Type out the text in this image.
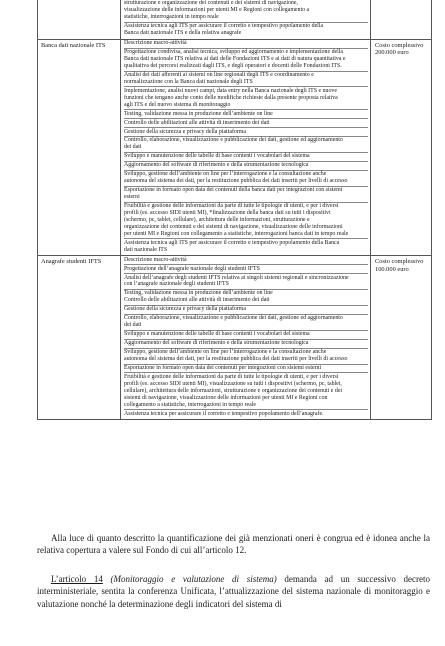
strutturazione e organizzazione dei contenuti e dei sistemi di navigazione,
visualizzazione delle informazioni per utenti MI e Regioni con collegamento a
statistiche, interrogazioni in tempo reale
Assistenza tecnica agli ITS per assicurare il corretto e tempestivo popolamento della
Banca dati nazionale ITS e della relativa anagrafe
Banca dati nazionale ITS	Costo complessivo 200.000 euro
Descrizione macro-attività
Progettazione condivisa, analisi tecnica, sviluppo ed aggiornamento e implementazione della
Banca dati nazionale ITS relativa ai dati delle Fondazioni ITS e ai dati di natura quantitativa e
qualitativa dei percorsi realizzati dagli ITS, e degli operatori e docenti delle Fondazioni ITS.
Analisi dei dati afferenti ai sistemi on line regionali degli ITS e coordinamento e
normalizzazione con la Banca dati nazionale degli ITS
Implementazione, analisi nuovi campi, data entry nella Banca nazionale degli ITS e nuove
funzioni che tengano anche conto delle modifiche richieste dalla presente proposta relativa
agli ITS e del nuovo sistema di monitoraggio
Testing, validazione messa in produzione dell’ambiente on line
Controllo delle abilitazioni alle attività di inserimento dei dati
Gestione della sicurezza e privacy della piattaforma
Controllo, elaborazione, visualizzazione e pubblicazione dei dati, gestione ed aggiornamento
dei dati
Sviluppo e manutenzione delle tabelle di base contenti i vocabolari del sistema
Aggiornamento del software di riferimento e della strumentazione tecnologica
Sviluppo, gestione dell’ambiente on line per l’interrogazione e la consultazione anche
autonoma del sistema dei dati, per la restituzione pubblica dei dati inseriti per livelli di accesso
Esportazione in formato open data dei contenuti della banca dati per integrazioni con sistemi
esterni
Fruibilità e gestione delle informazioni da parte di tutte le tipologie di utenti, e per i diversi
profili (es. accesso SIDI utenti MI), *finalizzazione della banca dati su tutti i dispositivi
(schermo, pc, tablet, cellulare), architettura delle informazioni, strutturazione e
organizzazione dei contenuti e dei sistemi di navigazione, visualizzazione delle informazioni
per utenti MI e Regioni con collegamento a statistiche, interrogazioni banca dati in tempo reale
Assistenza tecnica agli ITS per assicurare il corretto e tempestivo popolamento della Banca
dati nazionale ITS
Anagrafe studenti IFTS	Costo complessivo 100.000 euro
Descrizione macro-attività
Progettazione dell’anagrafe nazionale degli studenti IFTS
Analisi dell’anagrafe degli studenti IFTS relativa ai singoli sistemi regionali e sincronizzazione
con l’anagrafe nazionale degli studenti IFTS
Testing, validazione messa in produzione dell’ambiente on line
Controllo delle abilitazioni alle attività di inserimento dei dati
Gestione della sicurezza e privacy della piattaforma
Controllo, elaborazione, visualizzazione e pubblicazione dei dati, gestione ed aggiornamento
dei dati
Sviluppo e manutenzione delle tabelle di base contenti i vocabolari del sistema
Aggiornamento del software di riferimento e della strumentazione tecnologica
Sviluppo, gestione dell’ambiente on line per l’interrogazione e la consultazione anche
autonoma del sistema dei dati, per la restituzione pubblica dei dati inseriti per livelli di accesso
Esportazione in formato open data dei contenuti per integrazioni con sistemi esterni
Fruibilità e gestione delle informazioni da parte di tutte le tipologie di utenti, e per i diversi
profili (es. accesso SIDI utenti MI), visualizzazione su tutti i dispositivi (schermo, pc, tablet,
cellulare), architettura delle informazioni, strutturazione e organizzazione dei contenuti e dei
sistemi di navigazione, visualizzazione delle informazioni per utenti MI e Regioni con
collegamento a statistiche, interrogazioni in tempo reale
Assistenza tecnica per assicurare il corretto e tempestivo popolamento dell’anagrafe.

Alla luce di quanto descritto la quantificazione dei già menzionati oneri è congrua ed è idonea anche la relativa copertura a valere sul Fondo di cui all’articolo 12.

L’articolo 14 (Monitoraggio e valutazione di sistema) demanda ad un successivo decreto interministeriale, sentita la conferenza Unificata, l’attualizzazione del sistema nazionale di monitoraggio e valutazione nonché la determinazione degli indicatori del sistema di
